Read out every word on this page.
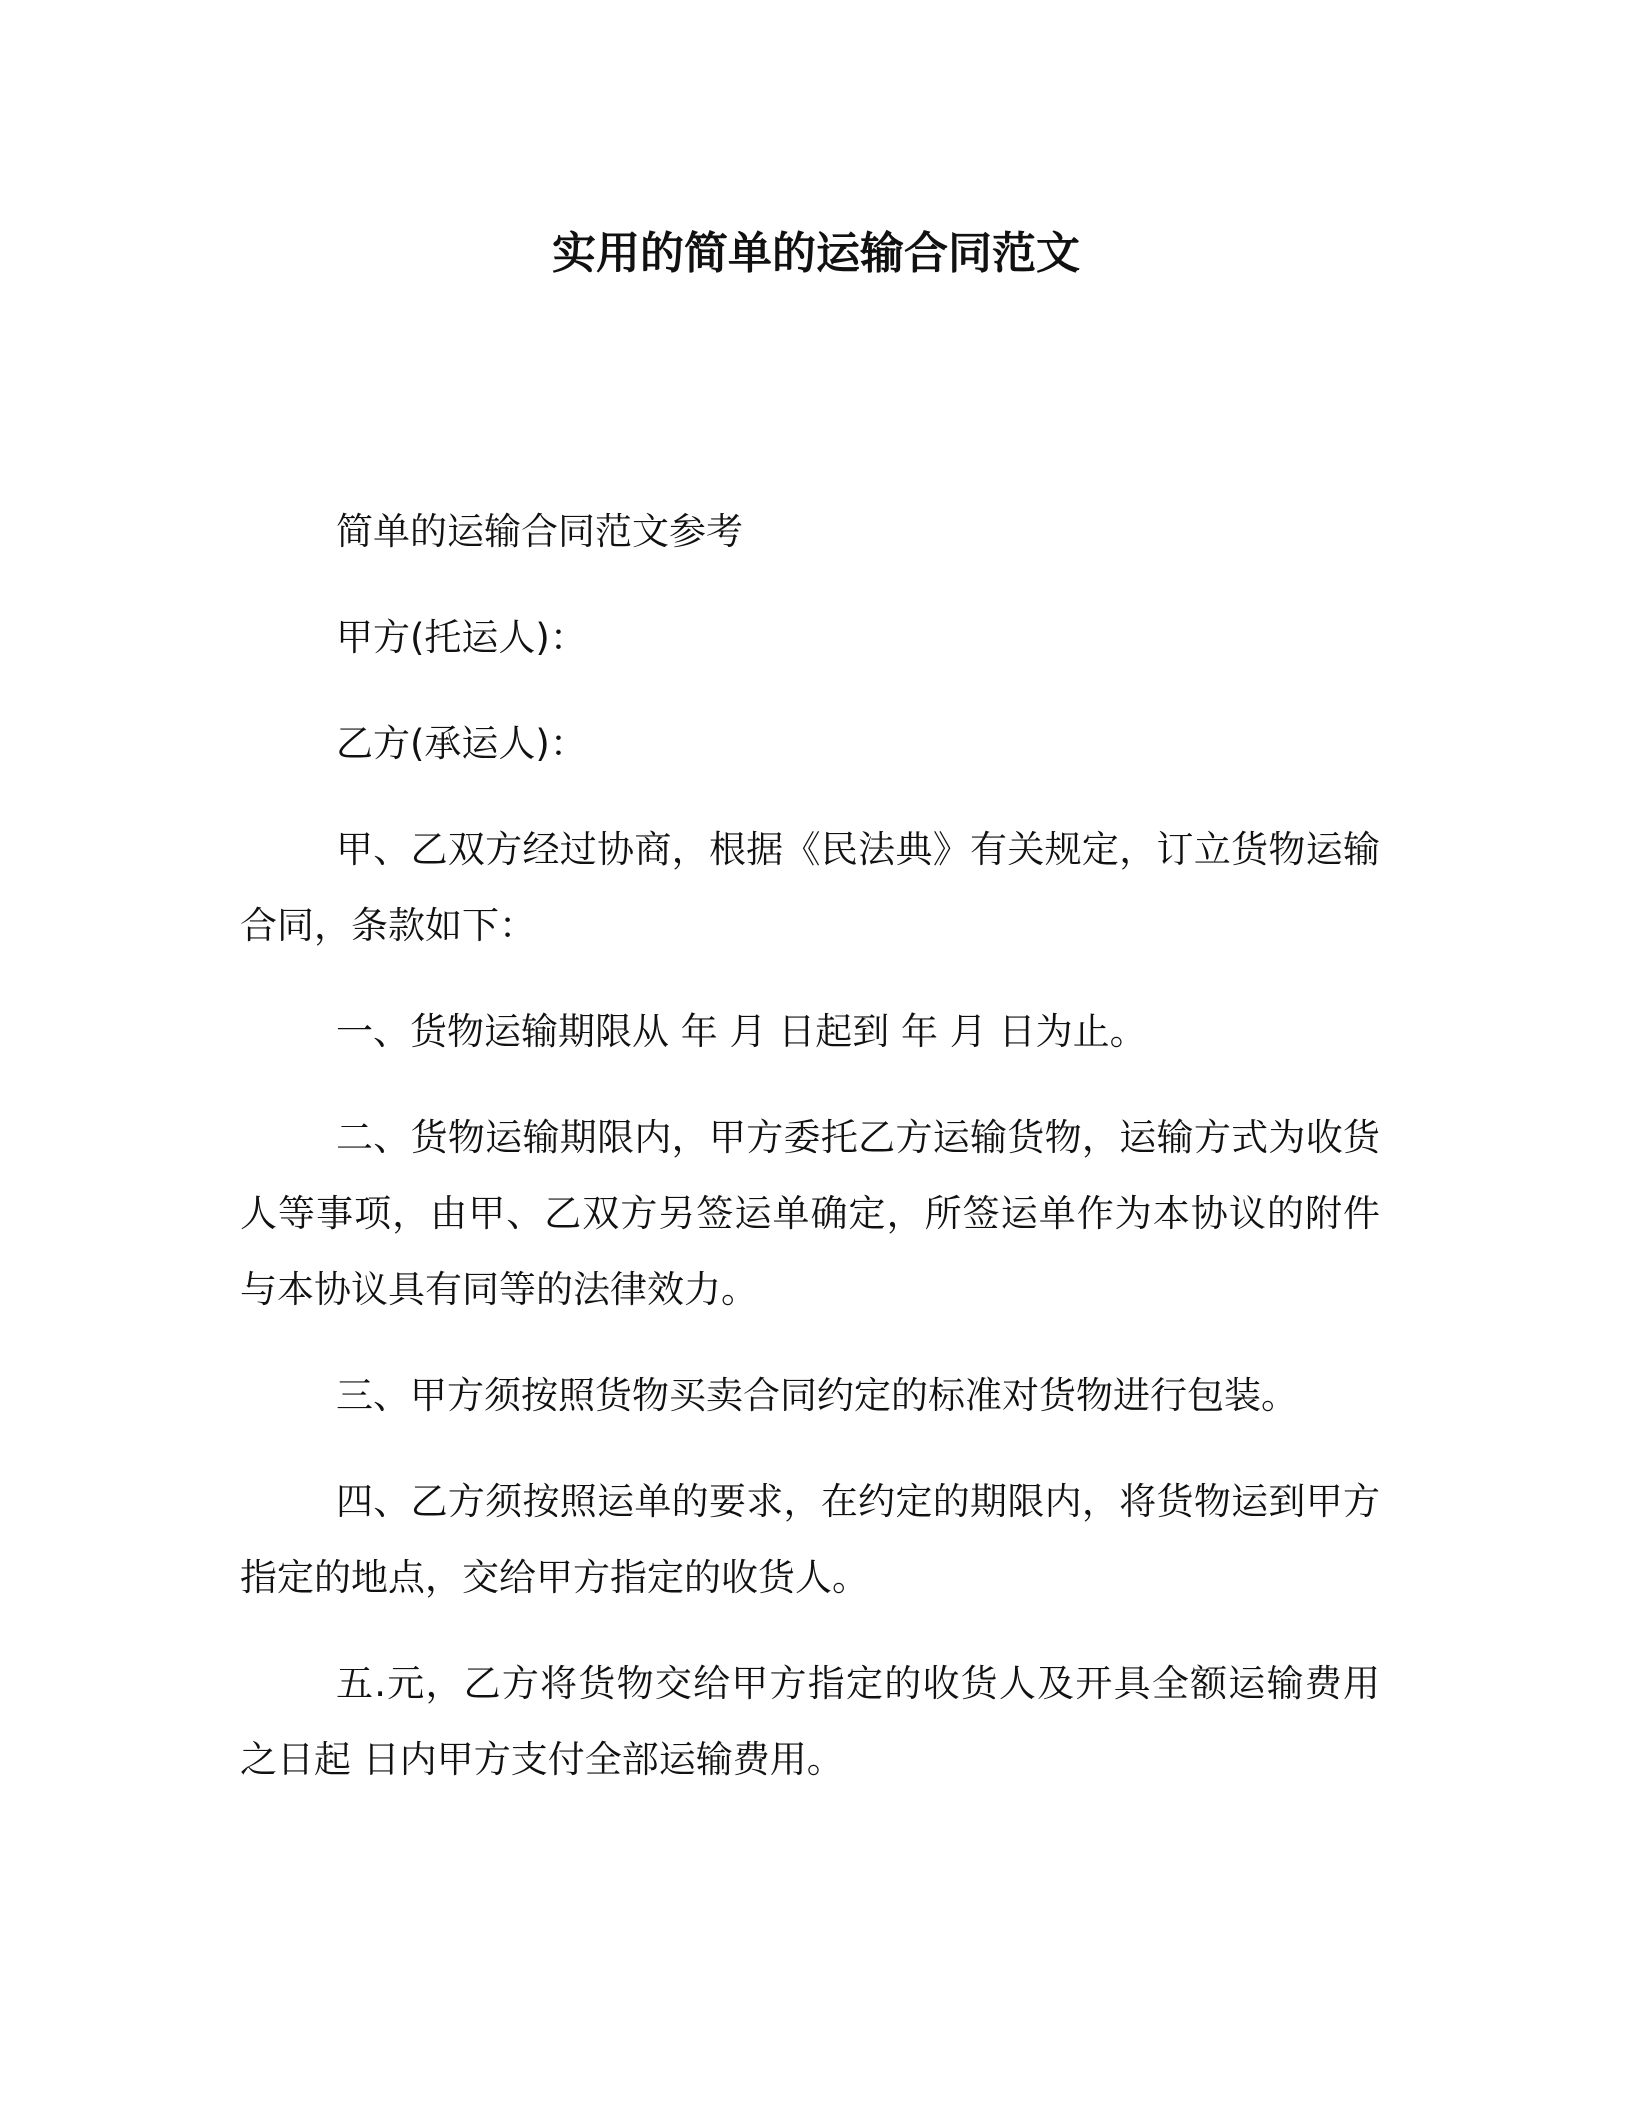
实用的简单的运输合同范文

简单的运输合同范文参考

甲方(托运人)：

乙方(承运人)：

甲、乙双方经过协商，根据《民法典》有关规定，订立货物运输合同，条款如下：

一、货物运输期限从 年 月 日起到 年 月 日为止。

二、货物运输期限内，甲方委托乙方运输货物，运输方式为收货人等事项，由甲、乙双方另签运单确定，所签运单作为本协议的附件与本协议具有同等的法律效力。

三、甲方须按照货物买卖合同约定的标准对货物进行包装。

四、乙方须按照运单的要求，在约定的期限内，将货物运到甲方指定的地点，交给甲方指定的收货人。

五.元，乙方将货物交给甲方指定的收货人及开具全额运输费用之日起 日内甲方支付全部运输费用。
